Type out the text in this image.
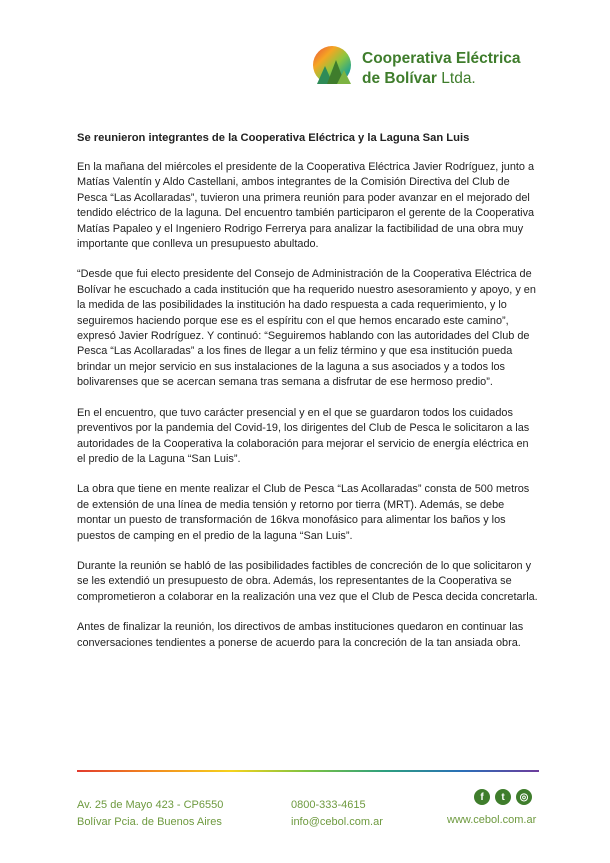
Cooperativa Eléctrica
de Bolívar Ltda.
Se reunieron integrantes de la Cooperativa Eléctrica y la Laguna San Luis

En la mañana del miércoles el presidente de la Cooperativa Eléctrica Javier Rodríguez, junto a Matías Valentín y Aldo Castellani, ambos integrantes de la Comisión Directiva del Club de Pesca “Las Acollaradas”, tuvieron una primera reunión para poder avanzar en el mejorado del tendido eléctrico de la laguna. Del encuentro también participaron el gerente de la Cooperativa Matías Papaleo y el Ingeniero Rodrigo Ferrerya para analizar la factibilidad de una obra muy importante que conlleva un presupuesto abultado.

“Desde que fui electo presidente del Consejo de Administración de la Cooperativa Eléctrica de Bolívar he escuchado a cada institución que ha requerido nuestro asesoramiento y apoyo, y en la medida de las posibilidades la institución ha dado respuesta a cada requerimiento, y lo seguiremos haciendo porque ese es el espíritu con el que hemos encarado este camino”, expresó Javier Rodríguez. Y continuó: “Seguiremos hablando con las autoridades del Club de Pesca “Las Acollaradas” a los fines de llegar a un feliz término y que esa institución pueda brindar un mejor servicio en sus instalaciones de la laguna a sus asociados y a todos los bolivarenses que se acercan semana tras semana a disfrutar de ese hermoso predio”.

En el encuentro, que tuvo carácter presencial y en el que se guardaron todos los cuidados preventivos por la pandemia del Covid-19, los dirigentes del Club de Pesca le solicitaron a las autoridades de la Cooperativa la colaboración para mejorar el servicio de energía eléctrica en el predio de la Laguna “San Luis”.

La obra que tiene en mente realizar el Club de Pesca “Las Acollaradas” consta de 500 metros de extensión de una línea de media tensión y retorno por tierra (MRT). Además, se debe montar un puesto de transformación de 16kva monofásico para alimentar los baños y los puestos de camping en el predio de la laguna “San Luis”.

Durante la reunión se habló de las posibilidades factibles de concreción de lo que solicitaron y se les extendió un presupuesto de obra. Además, los representantes de la Cooperativa se comprometieron a colaborar en la realización una vez que el Club de Pesca decida concretarla.

Antes de finalizar la reunión, los directivos de ambas instituciones quedaron en continuar las conversaciones tendientes a ponerse de acuerdo para la concreción de la tan ansiada obra.

Av. 25 de Mayo 423 - CP6550
Bolívar Pcia. de Buenos Aires
0800-333-4615
info@cebol.com.ar
f	t	◎
www.cebol.com.ar
